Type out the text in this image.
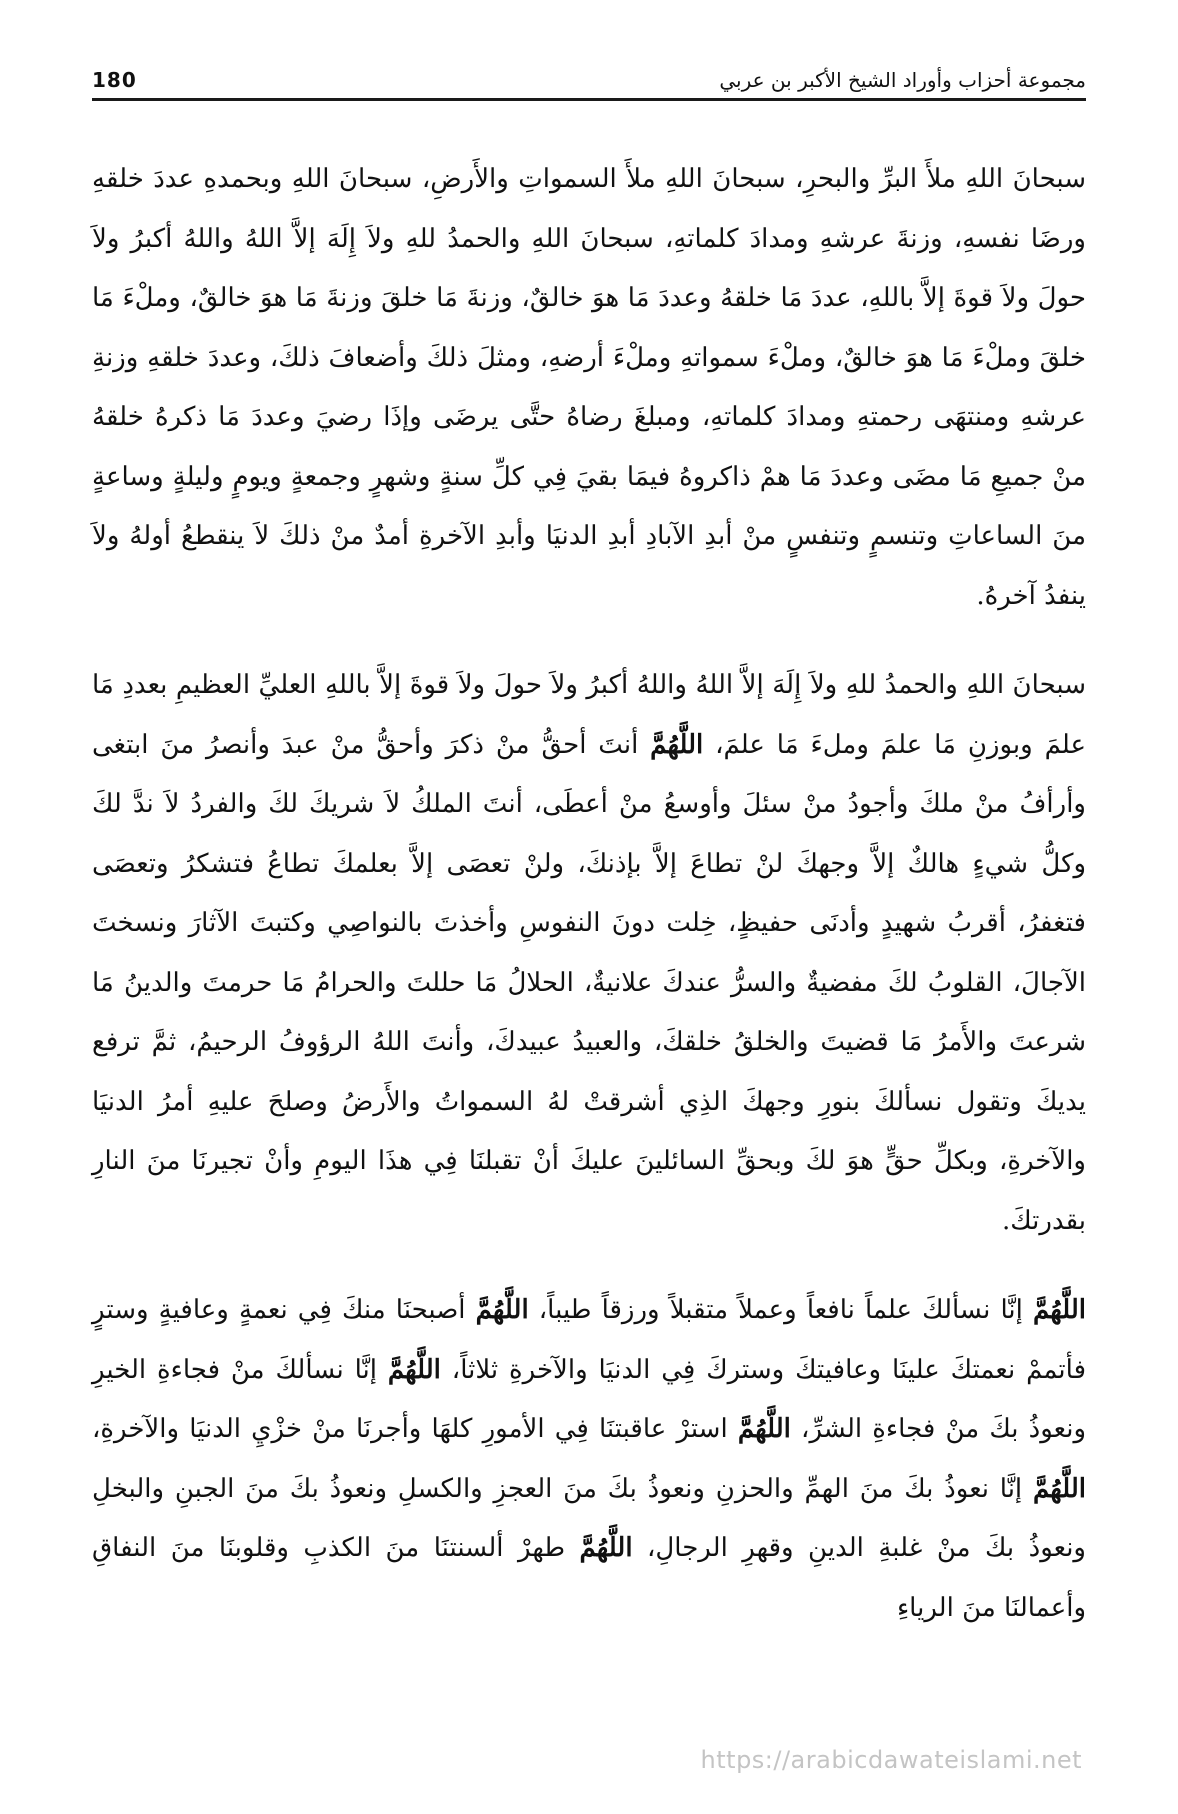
180	مجموعة أحزاب وأوراد الشيخ الأكبر بن عربي

سبحانَ اللهِ ملأَ البرِّ والبحرِ، سبحانَ اللهِ ملأَ السمواتِ والأَرضِ، سبحانَ اللهِ وبحمدهِ عددَ خلقهِ ورضَا نفسهِ، وزنةَ عرشهِ ومدادَ كلماتهِ، سبحانَ اللهِ والحمدُ للهِ ولاَ إِلَهَ إلاَّ اللهُ واللهُ أكبرُ ولاَ حولَ ولاَ قوةَ إلاَّ باللهِ، عددَ مَا خلقهُ وعددَ مَا هوَ خالقٌ، وزنةَ مَا خلقَ وزنةَ مَا هوَ خالقٌ، وملْءَ مَا خلقَ وملْءَ مَا هوَ خالقٌ، وملْءَ سمواتهِ وملْءَ أرضهِ، ومثلَ ذلكَ وأضعافَ ذلكَ، وعددَ خلقهِ وزنةِ عرشهِ ومنتهَى رحمتهِ ومدادَ كلماتهِ، ومبلغَ رضاهُ حتَّى يرضَى وإذَا رضيَ وعددَ مَا ذكرهُ خلقهُ منْ جميعِ مَا مضَى وعددَ مَا همْ ذاكروهُ فيمَا بقيَ فِي كلِّ سنةٍ وشهرٍ وجمعةٍ ويومٍ وليلةٍ وساعةٍ منَ الساعاتِ وتنسمٍ وتنفسٍ منْ أبدِ الآبادِ أبدِ الدنيَا وأبدِ الآخرةِ أمدٌ منْ ذلكَ لاَ ينقطعُ أولهُ ولاَ ينفدُ آخرهُ.

سبحانَ اللهِ والحمدُ للهِ ولاَ إِلَهَ إلاَّ اللهُ واللهُ أكبرُ ولاَ حولَ ولاَ قوةَ إلاَّ باللهِ العليِّ العظيمِ بعددِ مَا علمَ وبوزنِ مَا علمَ وملءَ مَا علمَ، اللَّهُمَّ أنتَ أحقُّ منْ ذكرَ وأحقُّ منْ عبدَ وأنصرُ منَ ابتغى وأرأفُ منْ ملكَ وأجودُ منْ سئلَ وأوسعُ منْ أعطَى، أنتَ الملكُ لاَ شريكَ لكَ والفردُ لاَ ندَّ لكَ وكلُّ شيءٍ هالكٌ إلاَّ وجهكَ لنْ تطاعَ إلاَّ بإذنكَ، ولنْ تعصَى إلاَّ بعلمكَ تطاعُ فتشكرُ وتعصَى فتغفرُ، أقربُ شهيدٍ وأدنَى حفيظٍ، خِلت دونَ النفوسِ وأخذتَ بالنواصِي وكتبتَ الآثارَ ونسختَ الآجالَ، القلوبُ لكَ مفضيةٌ والسرُّ عندكَ علانيةٌ، الحلالُ مَا حللتَ والحرامُ مَا حرمتَ والدينُ مَا شرعتَ والأَمرُ مَا قضيتَ والخلقُ خلقكَ، والعبيدُ عبيدكَ، وأنتَ اللهُ الرؤوفُ الرحيمُ، ثمَّ ترفع يديكَ وتقول نسألكَ بنورِ وجهكَ الذِي أشرقتْ لهُ السمواتُ والأَرضُ وصلحَ عليهِ أمرُ الدنيَا والآخرةِ، وبكلِّ حقٍّ هوَ لكَ وبحقِّ السائلينَ عليكَ أنْ تقبلنَا فِي هذَا اليومِ وأنْ تجيرنَا منَ النارِ بقدرتكَ.

اللَّهُمَّ إنَّا نسألكَ علماً نافعاً وعملاً متقبلاً ورزقاً طيباً، اللَّهُمَّ أصبحنَا منكَ فِي نعمةٍ وعافيةٍ وسترٍ فأتممْ نعمتكَ علينَا وعافيتكَ وستركَ فِي الدنيَا والآخرةِ ثلاثاً، اللَّهُمَّ إنَّا نسألكَ منْ فجاءةِ الخيرِ ونعوذُ بكَ منْ فجاءةِ الشرِّ، اللَّهُمَّ استرْ عاقبتنَا فِي الأمورِ كلهَا وأجرنَا منْ خزْيِ الدنيَا والآخرةِ، اللَّهُمَّ إنَّا نعوذُ بكَ منَ الهمِّ والحزنِ ونعوذُ بكَ منَ العجزِ والكسلِ ونعوذُ بكَ منَ الجبنِ والبخلِ ونعوذُ بكَ منْ غلبةِ الدينِ وقهرِ الرجالِ، اللَّهُمَّ طهرْ ألسنتنَا منَ الكذبِ وقلوبنَا منَ النفاقِ وأعمالنَا منَ الرياءِ

https://arabicdawateislami.net
